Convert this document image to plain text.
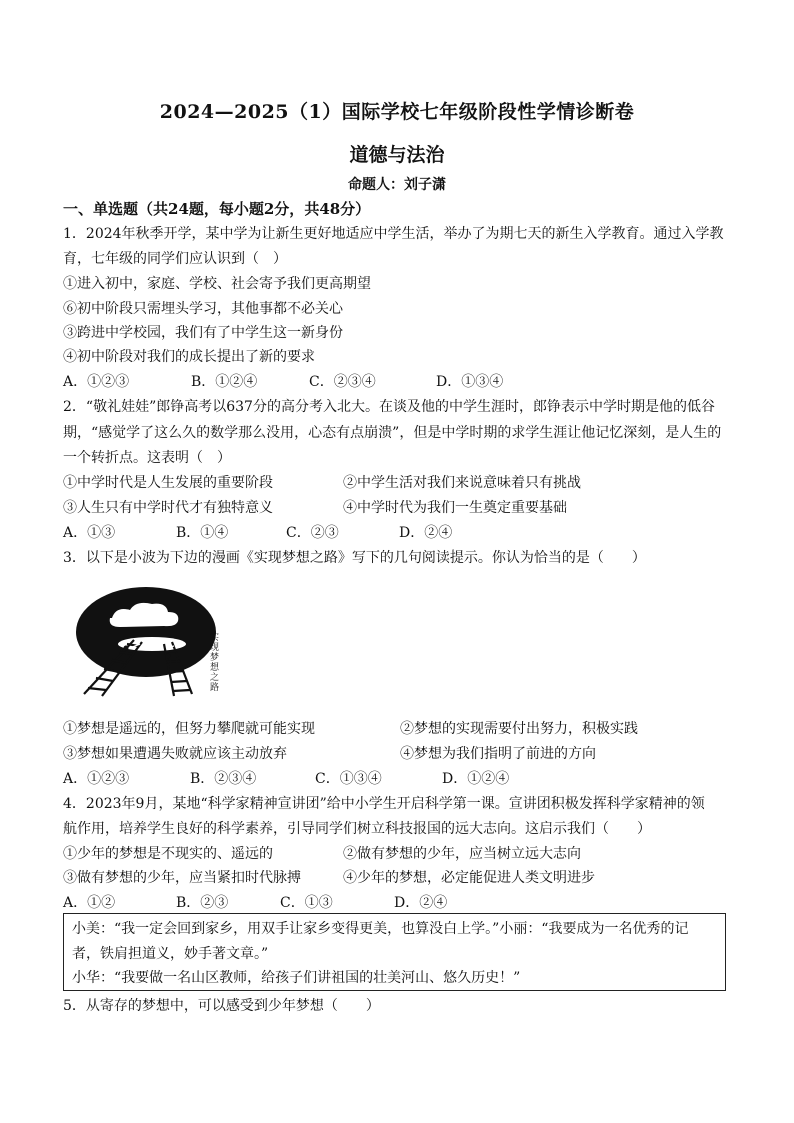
2024—2025（1）国际学校七年级阶段性学情诊断卷
道德与法治
命题人：刘子潇
一、单选题（共24题，每小题2分，共48分）
1．2024年秋季开学，某中学为让新生更好地适应中学生活，举办了为期七天的新生入学教育。通过入学教
育，七年级的同学们应认识到（　）
①进入初中，家庭、学校、社会寄予我们更高期望
⑥初中阶段只需埋头学习，其他事都不必关心
③跨进中学校园，我们有了中学生这一新身份
④初中阶段对我们的成长提出了新的要求
A．①②③	B．①②④	C．②③④	D．①③④
2．“敬礼娃娃”郎铮高考以637分的高分考入北大。在谈及他的中学生涯时，郎铮表示中学时期是他的低谷
期，“感觉学了这么久的数学那么没用，心态有点崩溃”，但是中学时期的求学生涯让他记忆深刻，是人生的
一个转折点。这表明（　）
①中学时代是人生发展的重要阶段	②中学生活对我们来说意味着只有挑战
③人生只有中学时代才有独特意义	④中学时代为我们一生奠定重要基础
A．①③	B．①④	C．②③	D．②④
3．以下是小波为下边的漫画《实现梦想之路》写下的几句阅读提示。你认为恰当的是（　　）
实 现 梦 想 之 路
①梦想是遥远的，但努力攀爬就可能实现	②梦想的实现需要付出努力，积极实践
③梦想如果遭遇失败就应该主动放弃	④梦想为我们指明了前进的方向
A．①②③	B．②③④	C．①③④	D．①②④
4．2023年9月，某地“科学家精神宣讲团”给中小学生开启科学第一课。宣讲团积极发挥科学家精神的领
航作用，培养学生良好的科学素养，引导同学们树立科技报国的远大志向。这启示我们（　　）
①少年的梦想是不现实的、遥远的	②做有梦想的少年，应当树立远大志向
③做有梦想的少年，应当紧扣时代脉搏	④少年的梦想，必定能促进人类文明进步
A．①②	B．②③	C．①③	D．②④
小美：“我一定会回到家乡，用双手让家乡变得更美，也算没白上学。”小丽：“我要成为一名优秀的记
者，铁肩担道义，妙手著文章。”
小华：“我要做一名山区教师，给孩子们讲祖国的壮美河山、悠久历史！”
5．从寄存的梦想中，可以感受到少年梦想（　　）
